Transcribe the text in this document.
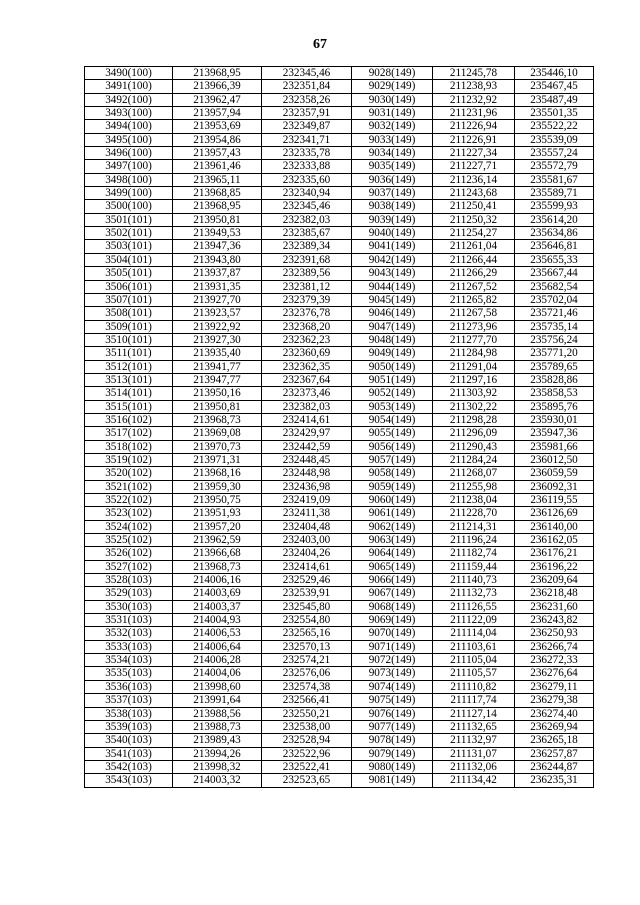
67
3490(100)	213968,95	232345,46	9028(149)	211245,78	235446,10
3491(100)	213966,39	232351,84	9029(149)	211238,93	235467,45
3492(100)	213962,47	232358,26	9030(149)	211232,92	235487,49
3493(100)	213957,94	232357,91	9031(149)	211231,96	235501,35
3494(100)	213953,69	232349,87	9032(149)	211226,94	235522,22
3495(100)	213954,86	232341,71	9033(149)	211226,91	235539,09
3496(100)	213957,43	232335,78	9034(149)	211227,34	235557,24
3497(100)	213961,46	232333,88	9035(149)	211227,71	235572,79
3498(100)	213965,11	232335,60	9036(149)	211236,14	235581,67
3499(100)	213968,85	232340,94	9037(149)	211243,68	235589,71
3500(100)	213968,95	232345,46	9038(149)	211250,41	235599,93
3501(101)	213950,81	232382,03	9039(149)	211250,32	235614,20
3502(101)	213949,53	232385,67	9040(149)	211254,27	235634,86
3503(101)	213947,36	232389,34	9041(149)	211261,04	235646,81
3504(101)	213943,80	232391,68	9042(149)	211266,44	235655,33
3505(101)	213937,87	232389,56	9043(149)	211266,29	235667,44
3506(101)	213931,35	232381,12	9044(149)	211267,52	235682,54
3507(101)	213927,70	232379,39	9045(149)	211265,82	235702,04
3508(101)	213923,57	232376,78	9046(149)	211267,58	235721,46
3509(101)	213922,92	232368,20	9047(149)	211273,96	235735,14
3510(101)	213927,30	232362,23	9048(149)	211277,70	235756,24
3511(101)	213935,40	232360,69	9049(149)	211284,98	235771,20
3512(101)	213941,77	232362,35	9050(149)	211291,04	235789,65
3513(101)	213947,77	232367,64	9051(149)	211297,16	235828,86
3514(101)	213950,16	232373,46	9052(149)	211303,92	235858,53
3515(101)	213950,81	232382,03	9053(149)	211302,22	235895,76
3516(102)	213968,73	232414,61	9054(149)	211298,28	235930,01
3517(102)	213969,08	232429,97	9055(149)	211296,09	235947,36
3518(102)	213970,73	232442,59	9056(149)	211290,43	235981,66
3519(102)	213971,31	232448,45	9057(149)	211284,24	236012,50
3520(102)	213968,16	232448,98	9058(149)	211268,07	236059,59
3521(102)	213959,30	232436,98	9059(149)	211255,98	236092,31
3522(102)	213950,75	232419,09	9060(149)	211238,04	236119,55
3523(102)	213951,93	232411,38	9061(149)	211228,70	236126,69
3524(102)	213957,20	232404,48	9062(149)	211214,31	236140,00
3525(102)	213962,59	232403,00	9063(149)	211196,24	236162,05
3526(102)	213966,68	232404,26	9064(149)	211182,74	236176,21
3527(102)	213968,73	232414,61	9065(149)	211159,44	236196,22
3528(103)	214006,16	232529,46	9066(149)	211140,73	236209,64
3529(103)	214003,69	232539,91	9067(149)	211132,73	236218,48
3530(103)	214003,37	232545,80	9068(149)	211126,55	236231,60
3531(103)	214004,93	232554,80	9069(149)	211122,09	236243,82
3532(103)	214006,53	232565,16	9070(149)	211114,04	236250,93
3533(103)	214006,64	232570,13	9071(149)	211103,61	236266,74
3534(103)	214006,28	232574,21	9072(149)	211105,04	236272,33
3535(103)	214004,06	232576,06	9073(149)	211105,57	236276,64
3536(103)	213998,60	232574,38	9074(149)	211110,82	236279,11
3537(103)	213991,64	232566,41	9075(149)	211117,74	236279,38
3538(103)	213988,56	232550,21	9076(149)	211127,14	236274,40
3539(103)	213988,73	232538,00	9077(149)	211132,65	236269,94
3540(103)	213989,43	232528,94	9078(149)	211132,97	236265,18
3541(103)	213994,26	232522,96	9079(149)	211131,07	236257,87
3542(103)	213998,32	232522,41	9080(149)	211132,06	236244,87
3543(103)	214003,32	232523,65	9081(149)	211134,42	236235,31
